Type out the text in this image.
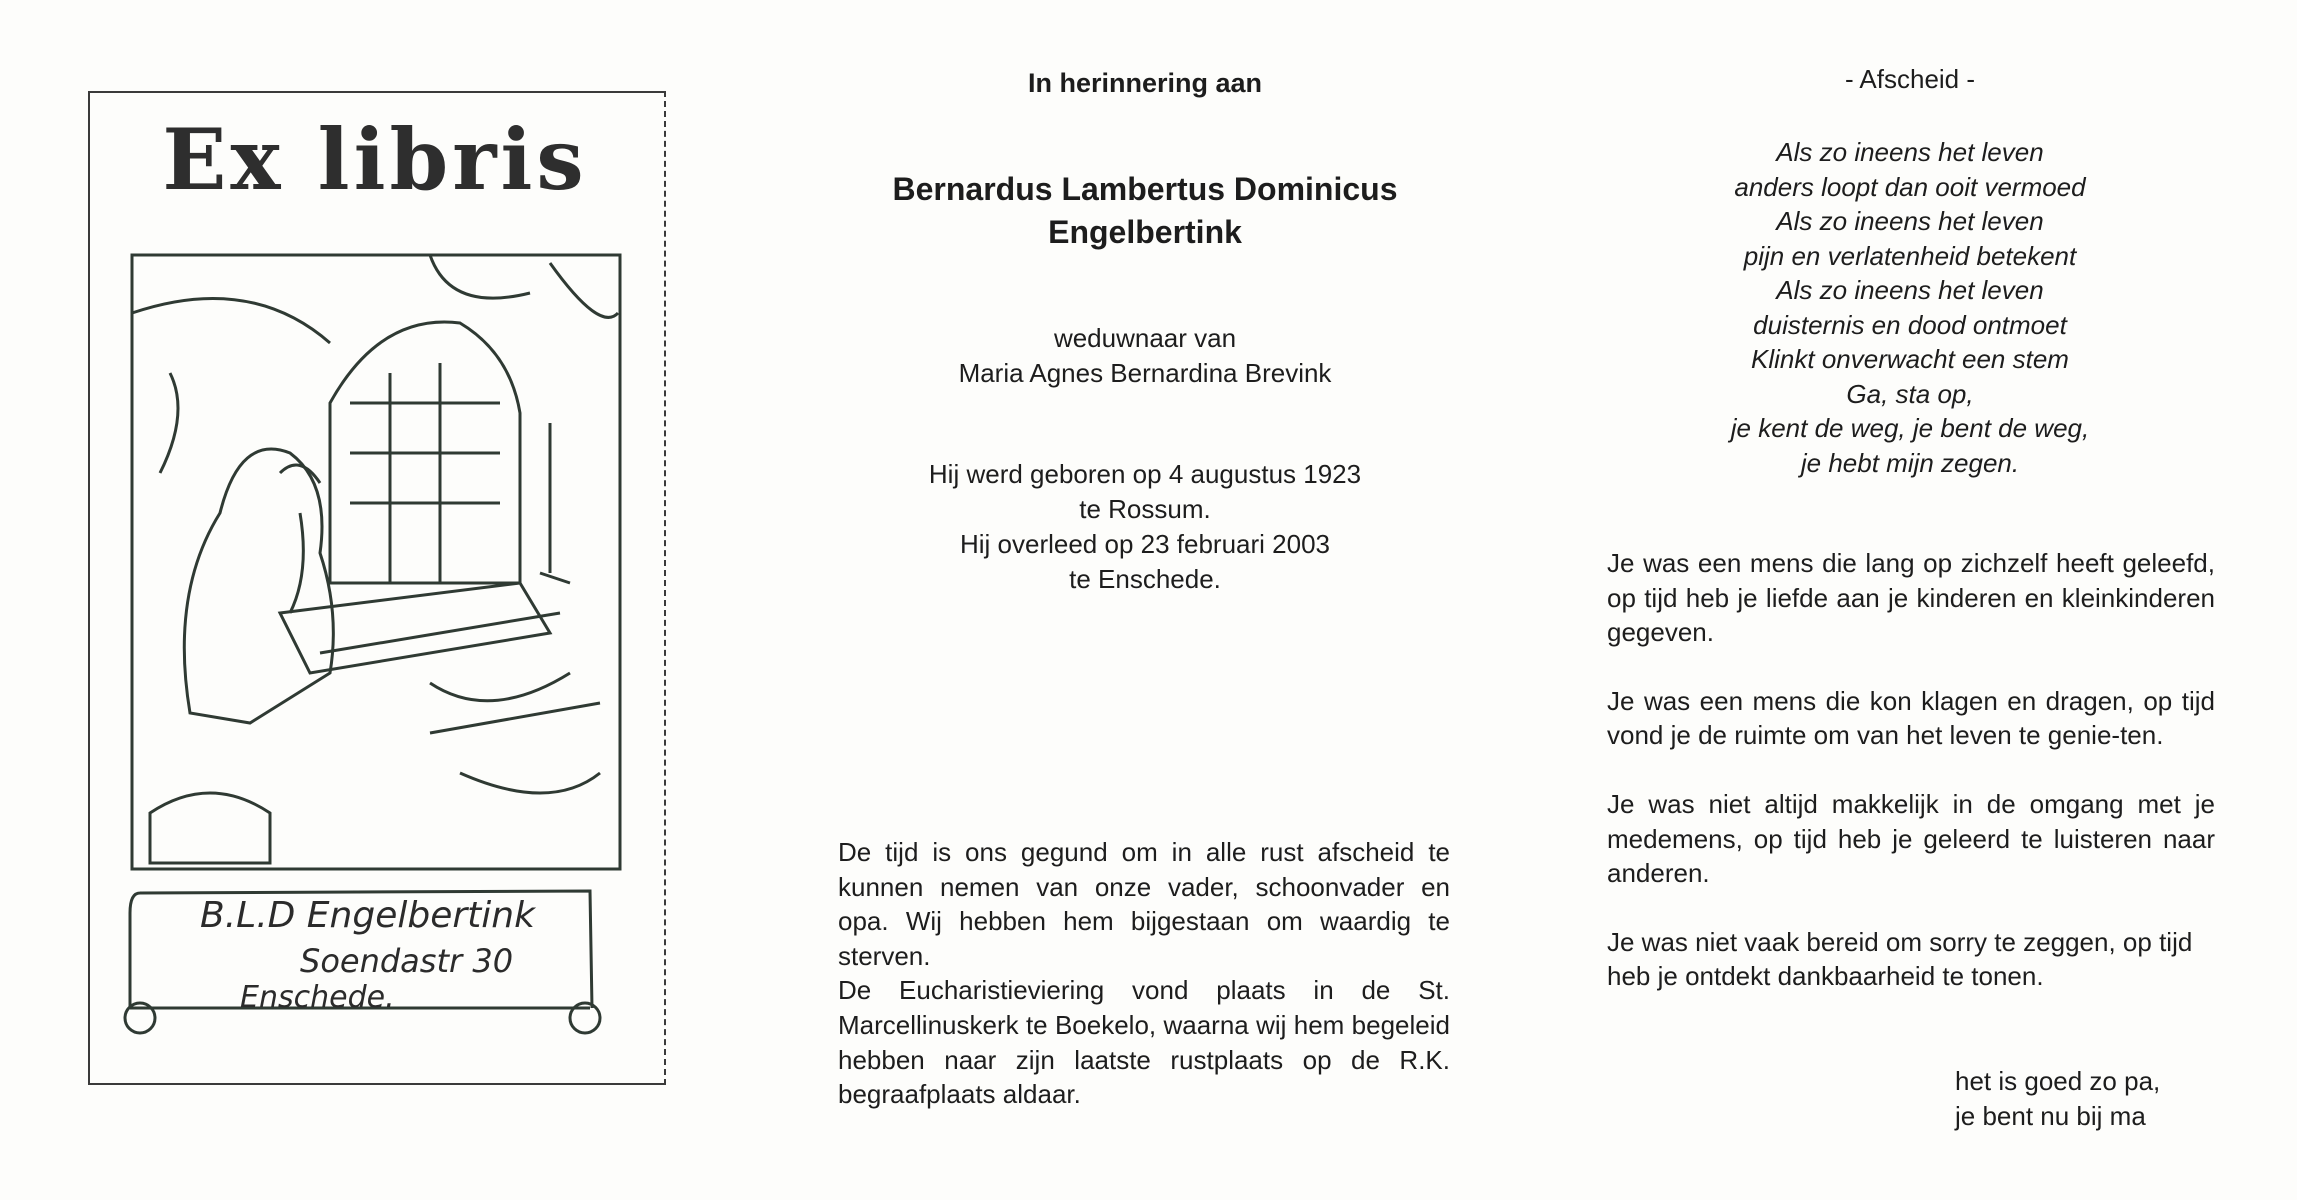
Ex libris
B.L.D Engelbertink
Soendastr 30
Enschede.
In herinnering aan
Bernardus Lambertus Dominicus
Engelbertink
weduwnaar van
Maria Agnes Bernardina Brevink
Hij werd geboren op 4 augustus 1923
te Rossum.
Hij overleed op 23 februari 2003
te Enschede.
De tijd is ons gegund om in alle rust afscheid te kunnen nemen van onze vader, schoonvader en opa. Wij hebben hem bijgestaan om waardig te sterven.
De Eucharistieviering vond plaats in de St. Marcellinuskerk te Boekelo, waarna wij hem begeleid hebben naar zijn laatste rustplaats op de R.K. begraafplaats aldaar.
- Afscheid -
Als zo ineens het leven
anders loopt dan ooit vermoed
Als zo ineens het leven
pijn en verlatenheid betekent
Als zo ineens het leven
duisternis en dood ontmoet
Klinkt onverwacht een stem
Ga, sta op,
je kent de weg, je bent de weg,
je hebt mijn zegen.
Je was een mens die lang op zichzelf heeft geleefd, op tijd heb je liefde aan je kinderen en kleinkinderen gegeven.
Je was een mens die kon klagen en dragen, op tijd vond je de ruimte om van het leven te genie-ten.
Je was niet altijd makkelijk in de omgang met je medemens, op tijd heb je geleerd te luisteren naar anderen.
Je was niet vaak bereid om sorry te zeggen, op tijd heb je ontdekt dankbaarheid te tonen.
het is goed zo pa,
je bent nu bij ma
